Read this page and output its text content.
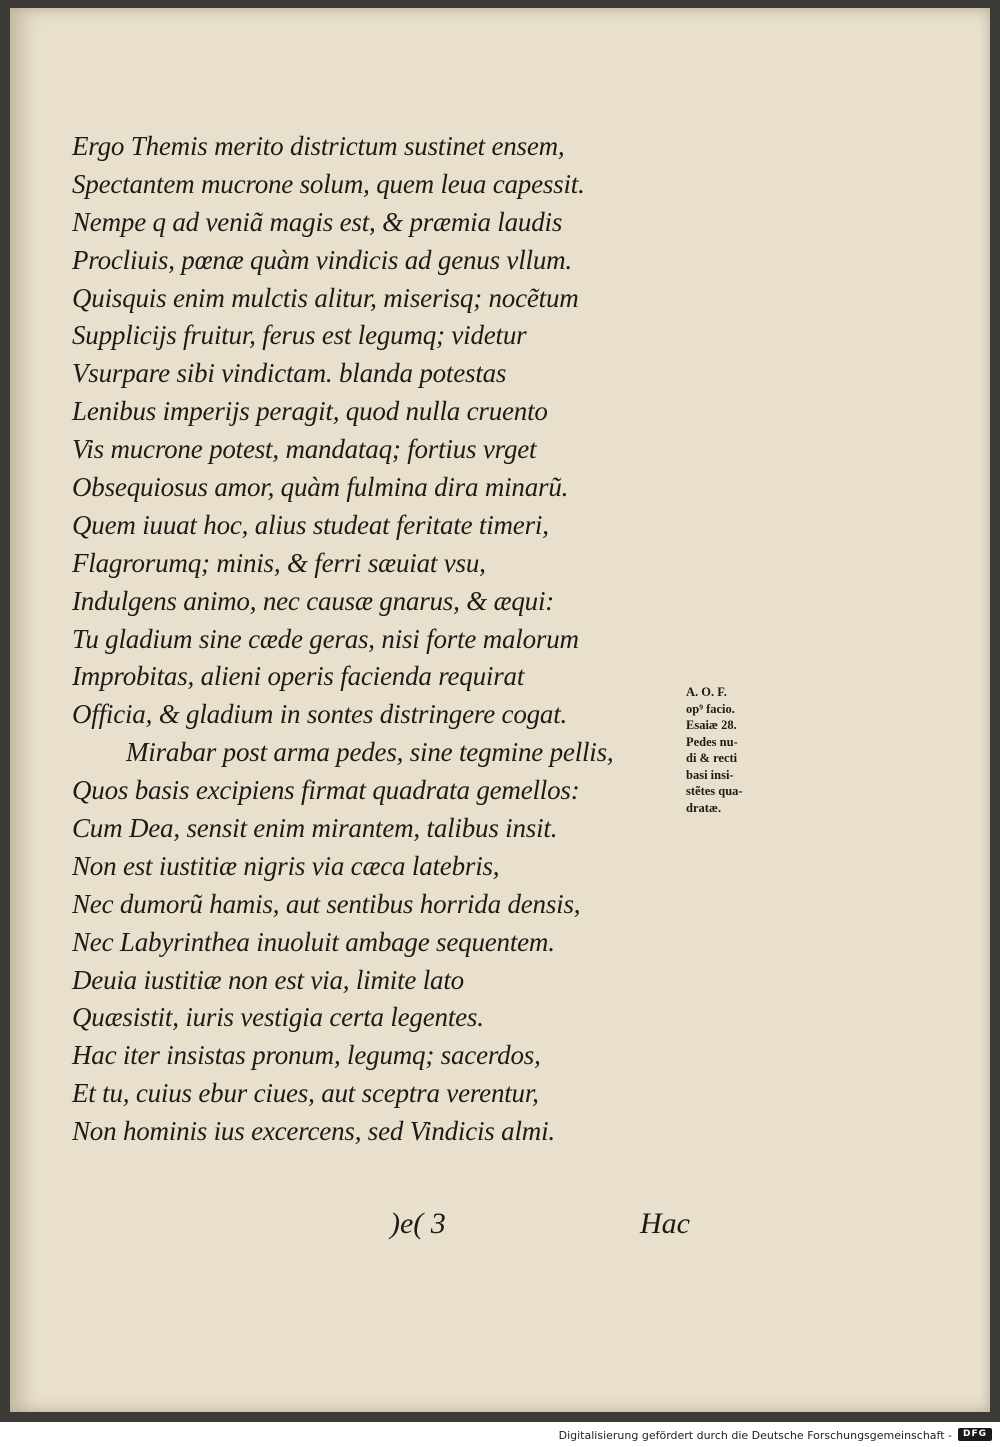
Ergo Themis merito districtum sustinet ensem,
Spectantem mucrone solum, quem leua capessit.
Nempe q ad veniã magis est, & præmia laudis
Procliuis, pœnæ quàm vindicis ad genus vllum.
Quisquis enim mulctis alitur, miserisq; nocẽtum
Supplicijs fruitur, ferus est legumq; videtur
Vsurpare sibi vindictam. blanda potestas
Lenibus imperijs peragit, quod nulla cruento
Vis mucrone potest, mandataq; fortius vrget
Obsequiosus amor, quàm fulmina dira minarũ.
Quem iuuat hoc, alius studeat feritate timeri,
Flagrorumq; minis, & ferri sæuiat vsu,
Indulgens animo, nec causæ gnarus, & æqui:
Tu gladium sine cæde geras, nisi forte malorum
Improbitas, alieni operis facienda requirat
Officia, & gladium in sontes distringere cogat.
Mirabar post arma pedes, sine tegmine pellis,
Quos basis excipiens firmat quadrata gemellos:
Cum Dea, sensit enim mirantem, talibus insit.
Non est iustitiæ nigris via cæca latebris,
Nec dumorũ hamis, aut sentibus horrida densis,
Nec Labyrinthea inuoluit ambage sequentem.
Deuia iustitiæ non est via, limite lato
Quæsistit, iuris vestigia certa legentes.
Hac iter insistas pronum, legumq; sacerdos,
Et tu, cuius ebur ciues, aut sceptra verentur,
Non hominis ius excercens, sed Vindicis almi.
A. O. F.
op⁹ facio.
Esaiæ 28.
Pedes nu-
di & recti
basi insi-
stẽtes qua-
dratæ.
)e( 3	Hac
Digitalisierung gefördert durch die Deutsche Forschungsgemeinschaft -	DFG
